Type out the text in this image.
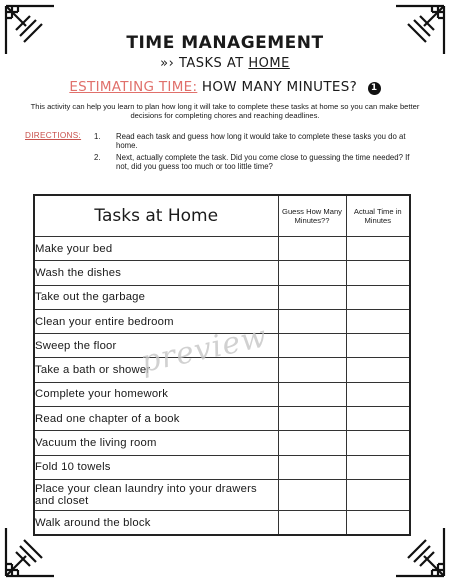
TIME MANAGEMENT
»› TASKS AT HOME
ESTIMATING TIME: HOW MANY MINUTES? 1
This activity can help you learn to plan how long it will take to complete these tasks at home so you can make better decisions for completing chores and reaching deadlines.
DIRECTIONS: 1. Read each task and guess how long it would take to complete these tasks you do at home.
2. Next, actually complete the task. Did you come close to guessing the time needed? If not, did you guess too much or too little time?
Tasks at Home	Guess How Many Minutes??	Actual Time in Minutes
Make your bed		
Wash the dishes		
Take out the garbage		
Clean your entire bedroom		
Sweep the floor		
Take a bath or shower		
Complete your homework		
Read one chapter of a book		
Vacuum the living room		
Fold 10 towels		
Place your clean laundry into your drawers and closet		
Walk around the block		
preview
